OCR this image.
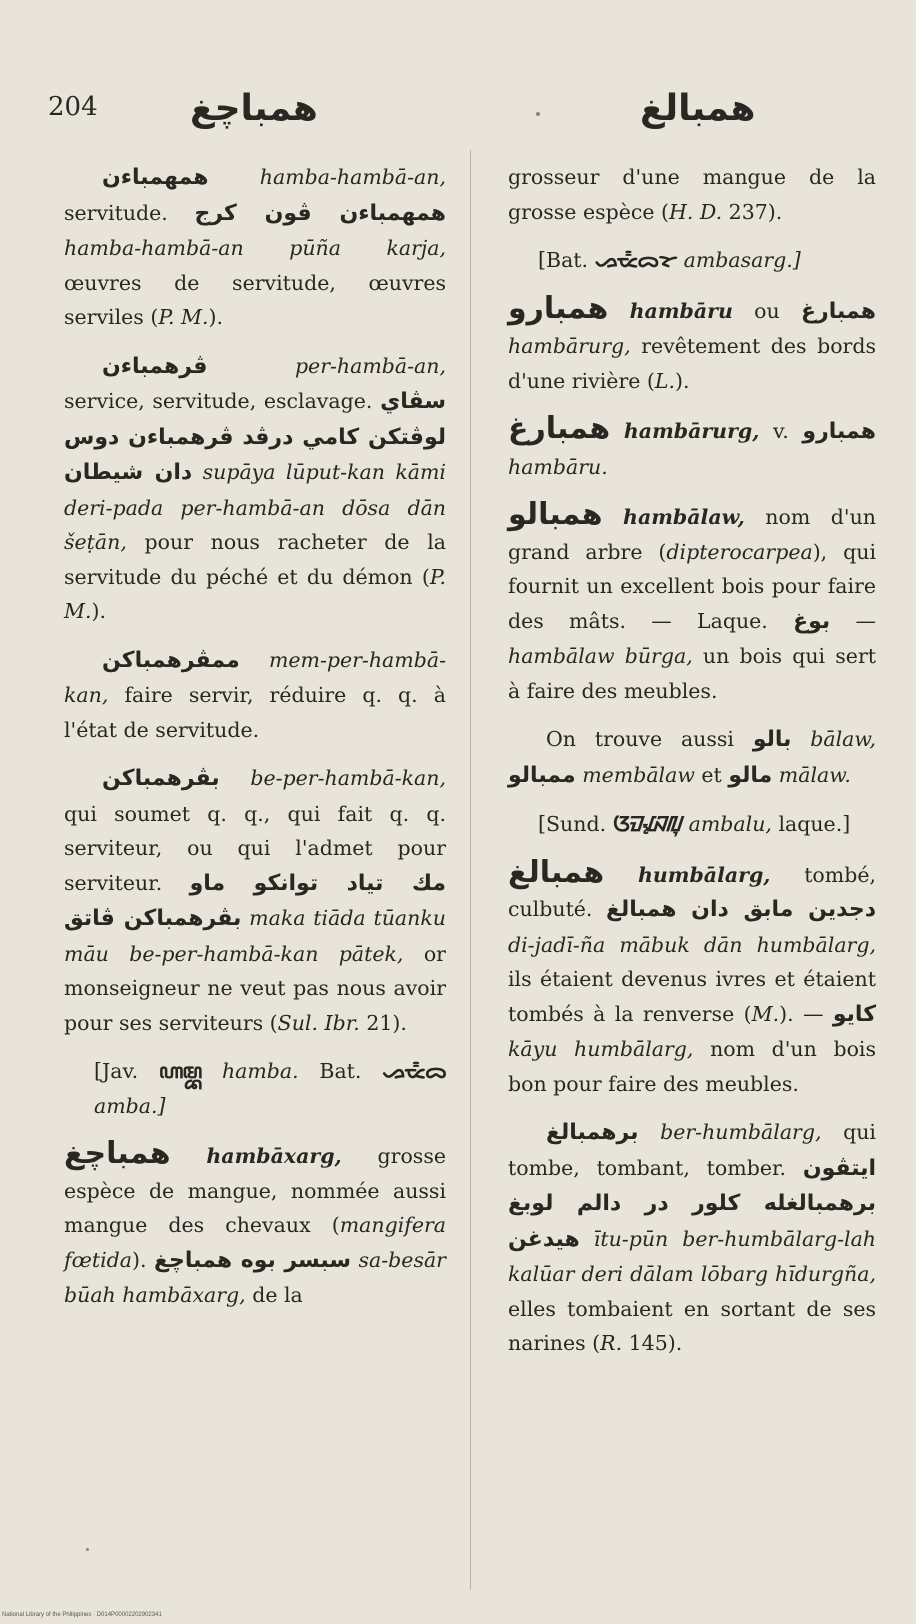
204	همباچغ	همبالغ

همهمباءن hamba-hambā-an, servitude. همهمباءن ڤون كرج hamba-hambā-an pūña karja, œuvres de servitude, œuvres serviles (P. M.).

ڤرهمباءن	per-hambā-an, service, servitude, esclavage. سڤاي لوڤتكن كامي درڤد ڤرهمباءن دوس دان شيطان supāya lūput-kan kāmi deri-pada per-hambā-an dōsa dān šeṭān, pour nous racheter de la servitude du péché et du démon (P. M.).

ممڤرهمباكن mem-per-hambā-kan, faire servir, réduire q. q. à l'état de servitude.

بڤرهمباكن be-per-hambā-kan, qui soumet q. q., qui fait q. q. serviteur, ou qui l'admet pour serviteur. مك تياد توانكو ماو بڤرهمباكن ڤاتق maka tiāda tūanku māu be-per-hambā-kan pātek, or monseigneur ne veut pas nous avoir pour ses serviteurs (Sul. Ibr. 21).

[Jav. ꦲꦩ꧀ꦧ hamba. Bat. ᯀᯔ᯦ᯅ amba.]

همباچغ hambāxarg, grosse espèce de mangue, nommée aussi mangue des chevaux (mangifera fœtida). سبسر بوه همباچغ sa-besār būah hambāxarg, de la

grosseur d'une mangue de la grosse espèce (H. D. 237).

[Bat. ᯀᯔ᯦ᯅᯘ ambasarg.]

همبارو hambāru ou همبارغ hambārurg, revêtement des bords d'une rivière (L.).

همبارغ hambārurg, v. همبارو hambāru.

همبالو hambālaw, nom d'un grand arbre (dipterocarpea), qui fournit un excellent bois pour faire des mâts. — Laque. بوغ — hambālaw būrga, un bois qui sert à faire des meubles.

On trouve aussi بالو bālaw, ممبالو membālaw et مالو mālaw.

[Sund. ᮃᮙ᮪ᮘᮜᮥ ambalu, laque.]

همبالغ humbālarg, tombé, culbuté. دجدين مابق دان همبالغ di-jadī-ña mābuk dān humbālarg, ils étaient devenus ivres et étaient tombés à la renverse (M.). — كايو kāyu humbālarg, nom d'un bois bon pour faire des meubles.

برهمبالغ ber-humbālarg, qui tombe, tombant, tomber. ايتڤون برهمبالغله كلور در دالم لوبغ هيدغن ītu-pūn ber-humbālarg-lah kalūar deri dālam lōbarg hīdurgña, elles tombaient en sortant de ses narines (R. 145).

National Library of the Philippines · D014P00002202902341
